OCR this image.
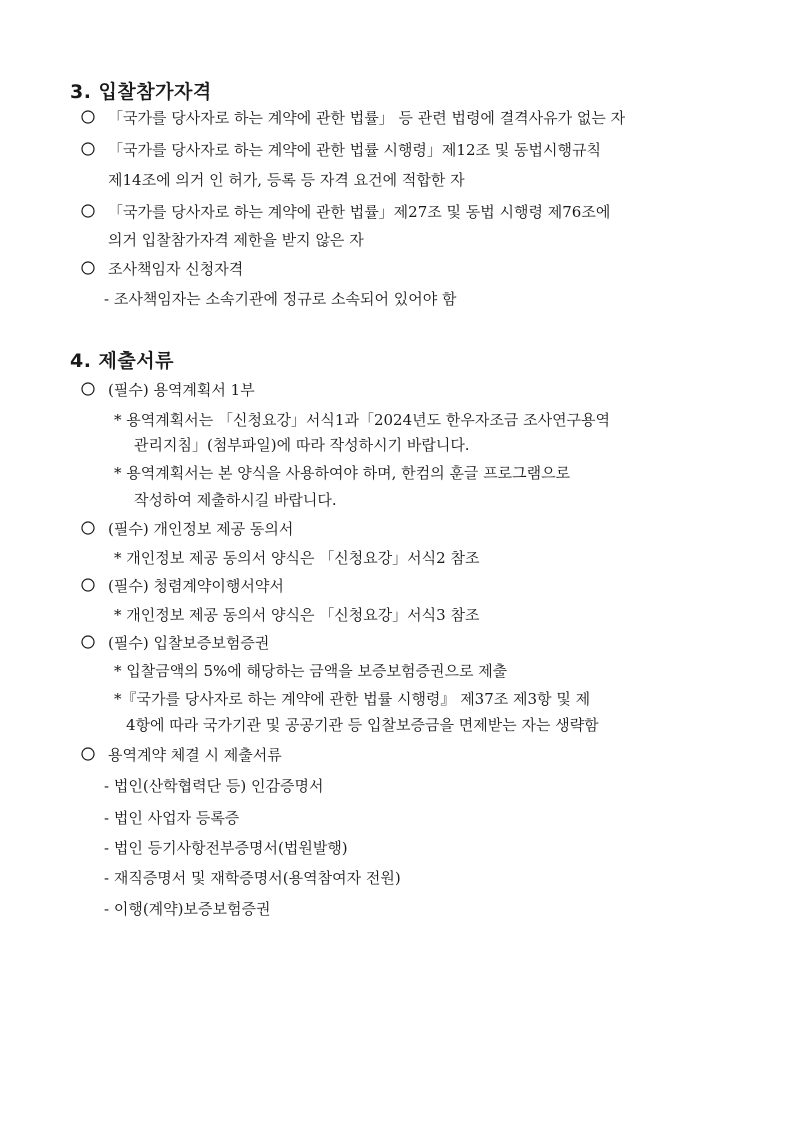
3. 입찰참가자격
「국가를 당사자로 하는 계약에 관한 법률」 등 관련 법령에 결격사유가 없는 자
「국가를 당사자로 하는 계약에 관한 법률 시행령」제12조 및 동법시행규칙
제14조에 의거 인 허가, 등록 등 자격 요건에 적합한 자
「국가를 당사자로 하는 계약에 관한 법률」제27조 및 동법 시행령 제76조에
의거 입찰참가자격 제한을 받지 않은 자
조사책임자 신청자격
- 조사책임자는 소속기관에 정규로 소속되어 있어야 함
4. 제출서류
(필수) 용역계획서 1부
* 용역계획서는 「신청요강」서식1과「2024년도 한우자조금 조사연구용역
관리지침」(첨부파일)에 따라 작성하시기 바랍니다.
* 용역계획서는 본 양식을 사용하여야 하며, 한컴의 훈글 프로그램으로
작성하여 제출하시길 바랍니다.
(필수) 개인정보 제공 동의서
* 개인정보 제공 동의서 양식은 「신청요강」서식2 참조
(필수) 청렴계약이행서약서
* 개인정보 제공 동의서 양식은 「신청요강」서식3 참조
(필수) 입찰보증보험증권
* 입찰금액의 5%에 해당하는 금액을 보증보험증권으로 제출
*『국가를 당사자로 하는 계약에 관한 법률 시행령』 제37조 제3항 및 제
4항에 따라 국가기관 및 공공기관 등 입찰보증금을 면제받는 자는 생략함
용역계약 체결 시 제출서류
- 법인(산학협력단 등) 인감증명서
- 법인 사업자 등록증
- 법인 등기사항전부증명서(법원발행)
- 재직증명서 및 재학증명서(용역참여자 전원)
- 이행(계약)보증보험증권
